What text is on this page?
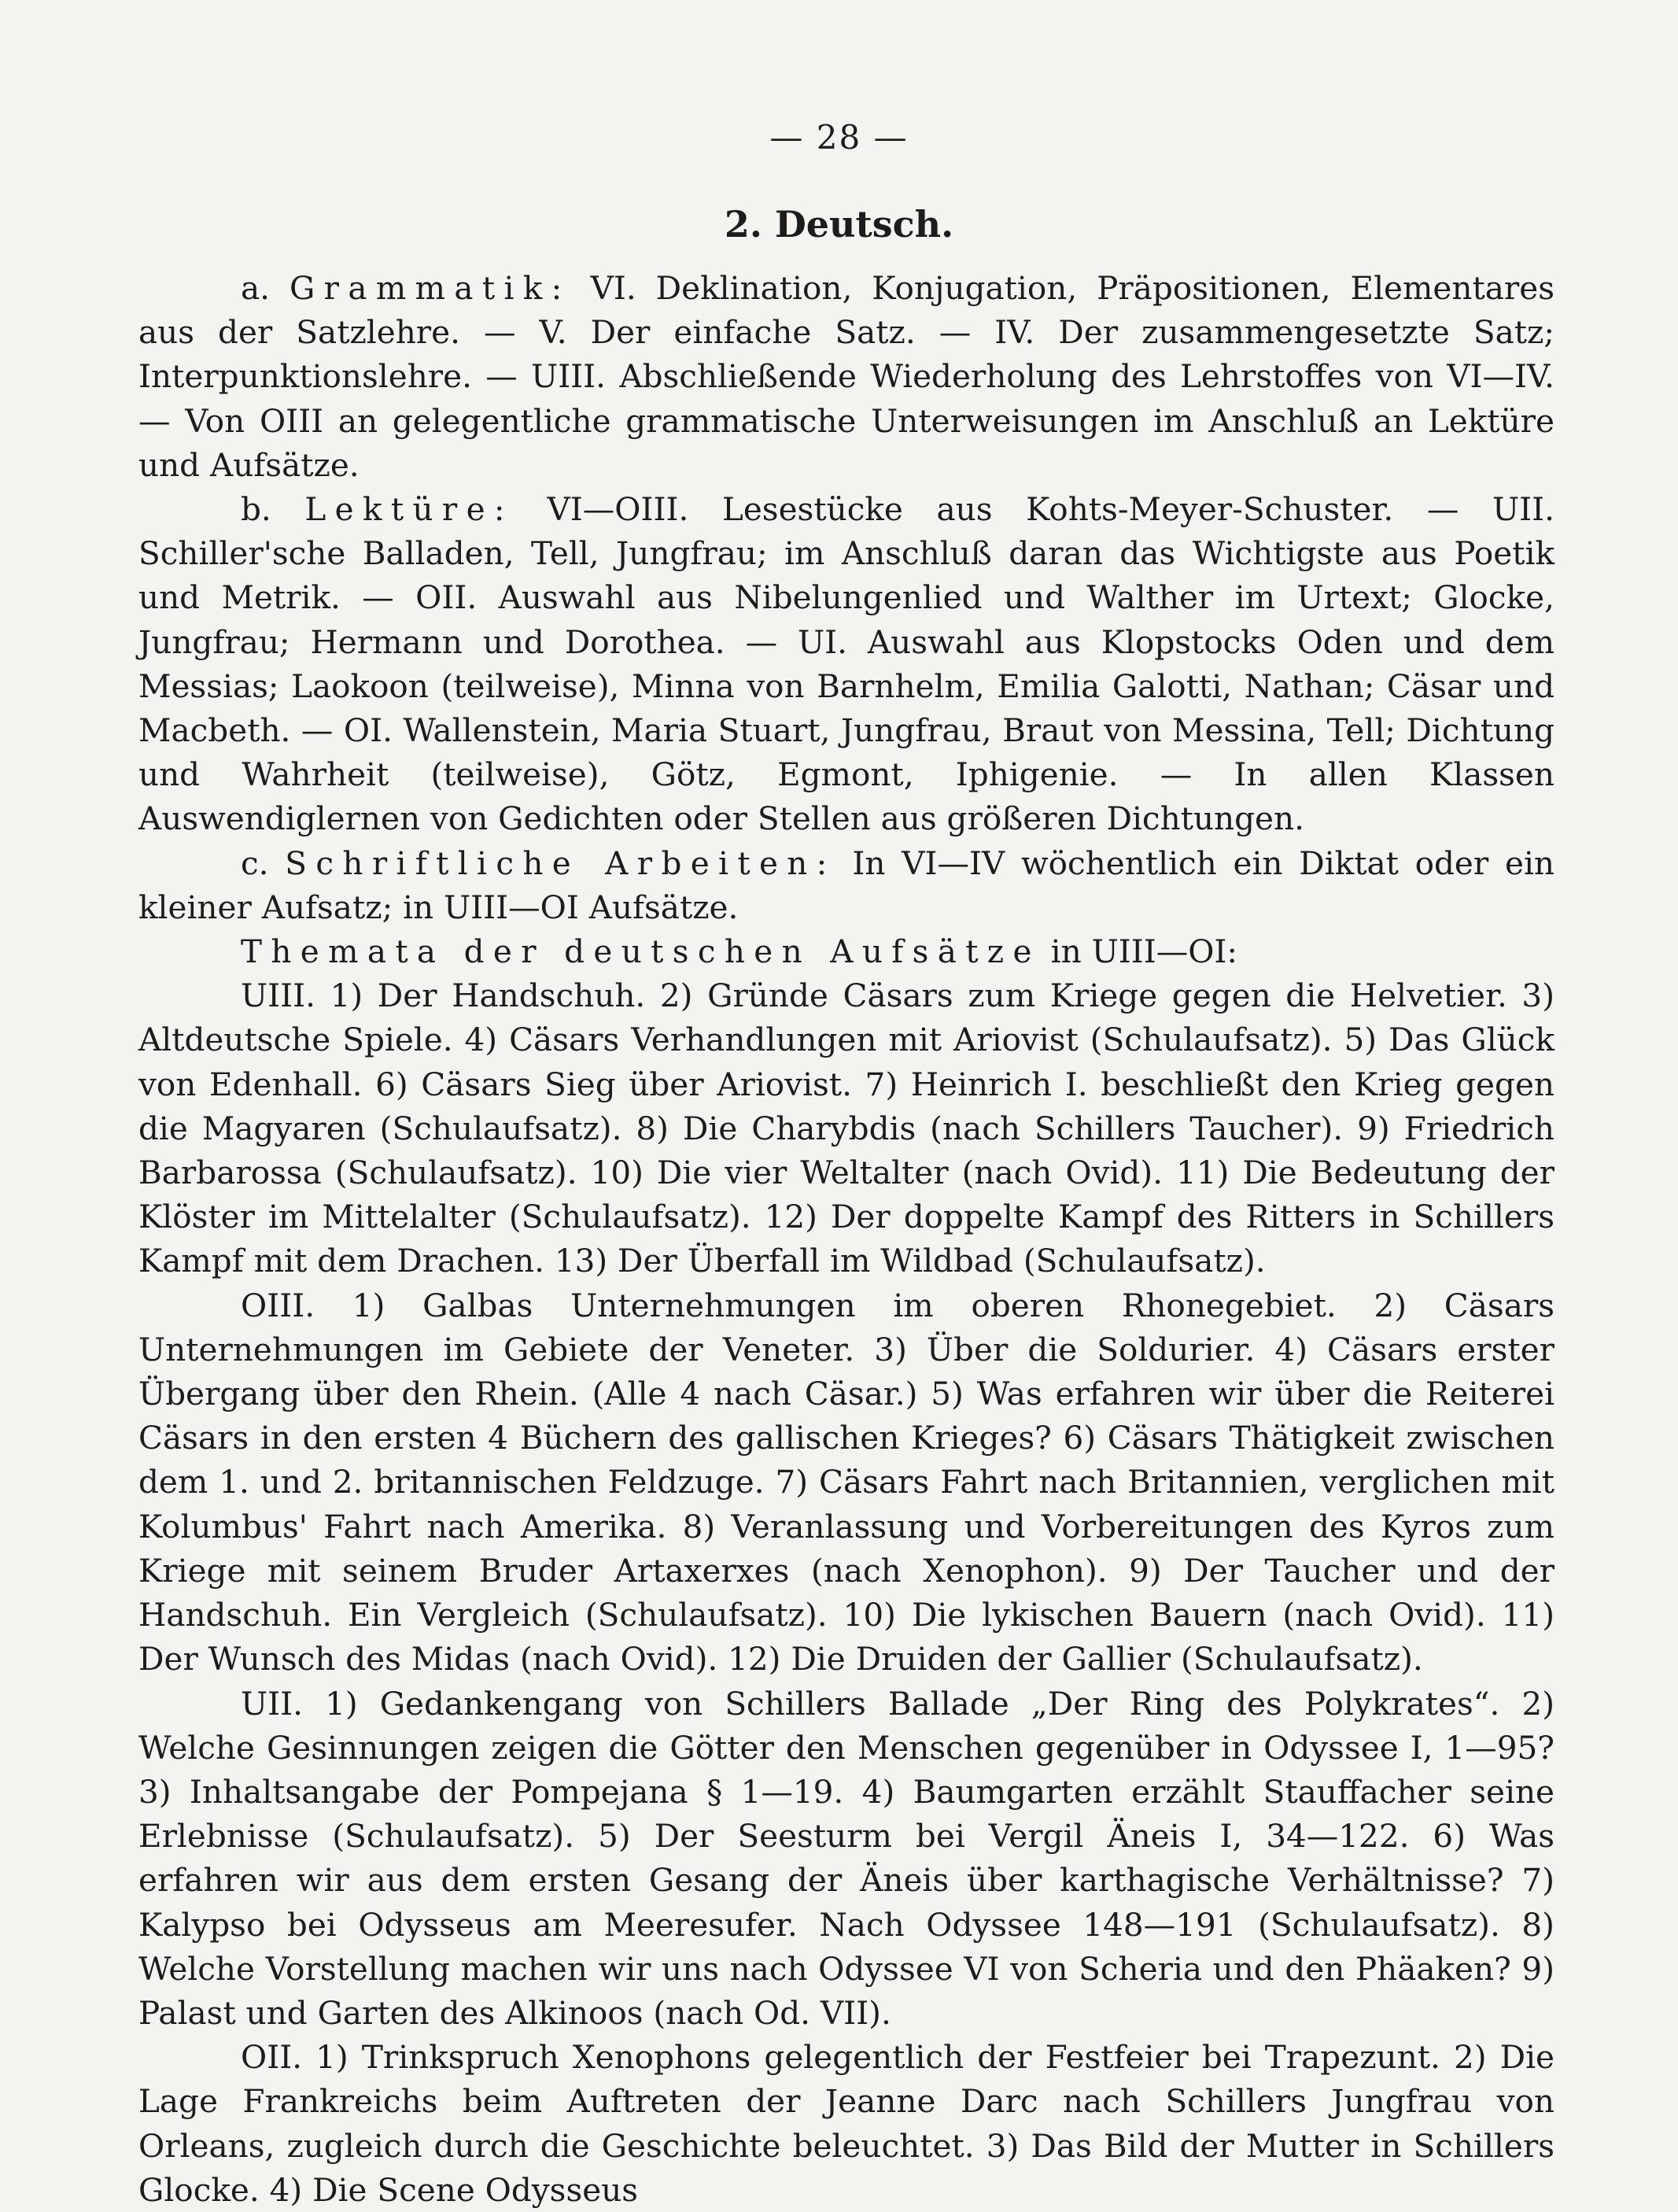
— 28 —
2. Deutsch.

a. Grammatik: VI. Deklination, Konjugation, Präpositionen, Elementares aus der Satzlehre. — V. Der einfache Satz. — IV. Der zusammengesetzte Satz; Interpunktionslehre. — UIII. Abschließende Wiederholung des Lehrstoffes von VI—IV. — Von OIII an gelegentliche grammatische Unterweisungen im Anschluß an Lektüre und Aufsätze.

b. Lektüre: VI—OIII. Lesestücke aus Kohts-Meyer-Schuster. — UII. Schiller'sche Balladen, Tell, Jungfrau; im Anschluß daran das Wichtigste aus Poetik und Metrik. — OII. Auswahl aus Nibelungenlied und Walther im Urtext; Glocke, Jungfrau; Hermann und Dorothea. — UI. Auswahl aus Klopstocks Oden und dem Messias; Laokoon (teilweise), Minna von Barnhelm, Emilia Galotti, Nathan; Cäsar und Macbeth. — OI. Wallenstein, Maria Stuart, Jungfrau, Braut von Messina, Tell; Dichtung und Wahrheit (teilweise), Götz, Egmont, Iphigenie. — In allen Klassen Auswendiglernen von Gedichten oder Stellen aus größeren Dichtungen.

c. Schriftliche Arbeiten: In VI—IV wöchentlich ein Diktat oder ein kleiner Aufsatz; in UIII—OI Aufsätze.

Themata der deutschen Aufsätze in UIII—OI:

UIII. 1) Der Handschuh. 2) Gründe Cäsars zum Kriege gegen die Helvetier. 3) Altdeutsche Spiele. 4) Cäsars Verhandlungen mit Ariovist (Schulaufsatz). 5) Das Glück von Edenhall. 6) Cäsars Sieg über Ariovist. 7) Heinrich I. beschließt den Krieg gegen die Magyaren (Schulaufsatz). 8) Die Charybdis (nach Schillers Taucher). 9) Friedrich Barbarossa (Schulaufsatz). 10) Die vier Weltalter (nach Ovid). 11) Die Bedeutung der Klöster im Mittelalter (Schulaufsatz). 12) Der doppelte Kampf des Ritters in Schillers Kampf mit dem Drachen. 13) Der Überfall im Wildbad (Schulaufsatz).

OIII. 1) Galbas Unternehmungen im oberen Rhonegebiet. 2) Cäsars Unternehmungen im Gebiete der Veneter. 3) Über die Soldurier. 4) Cäsars erster Übergang über den Rhein. (Alle 4 nach Cäsar.) 5) Was erfahren wir über die Reiterei Cäsars in den ersten 4 Büchern des gallischen Krieges? 6) Cäsars Thätigkeit zwischen dem 1. und 2. britannischen Feldzuge. 7) Cäsars Fahrt nach Britannien, verglichen mit Kolumbus' Fahrt nach Amerika. 8) Veranlassung und Vorbereitungen des Kyros zum Kriege mit seinem Bruder Artaxerxes (nach Xenophon). 9) Der Taucher und der Handschuh. Ein Vergleich (Schulaufsatz). 10) Die lykischen Bauern (nach Ovid). 11) Der Wunsch des Midas (nach Ovid). 12) Die Druiden der Gallier (Schulaufsatz).

UII. 1) Gedankengang von Schillers Ballade „Der Ring des Polykrates“. 2) Welche Gesinnungen zeigen die Götter den Menschen gegenüber in Odyssee I, 1—95? 3) Inhaltsangabe der Pompejana § 1—19. 4) Baumgarten erzählt Stauffacher seine Erlebnisse (Schulaufsatz). 5) Der Seesturm bei Vergil Äneis I, 34—122. 6) Was erfahren wir aus dem ersten Gesang der Äneis über karthagische Verhältnisse? 7) Kalypso bei Odysseus am Meeresufer. Nach Odyssee 148—191 (Schulaufsatz). 8) Welche Vorstellung machen wir uns nach Odyssee VI von Scheria und den Phäaken? 9) Palast und Garten des Alkinoos (nach Od. VII).

OII. 1) Trinkspruch Xenophons gelegentlich der Festfeier bei Trapezunt. 2) Die Lage Frankreichs beim Auftreten der Jeanne Darc nach Schillers Jungfrau von Orleans, zugleich durch die Geschichte beleuchtet. 3) Das Bild der Mutter in Schillers Glocke. 4) Die Scene Odysseus
